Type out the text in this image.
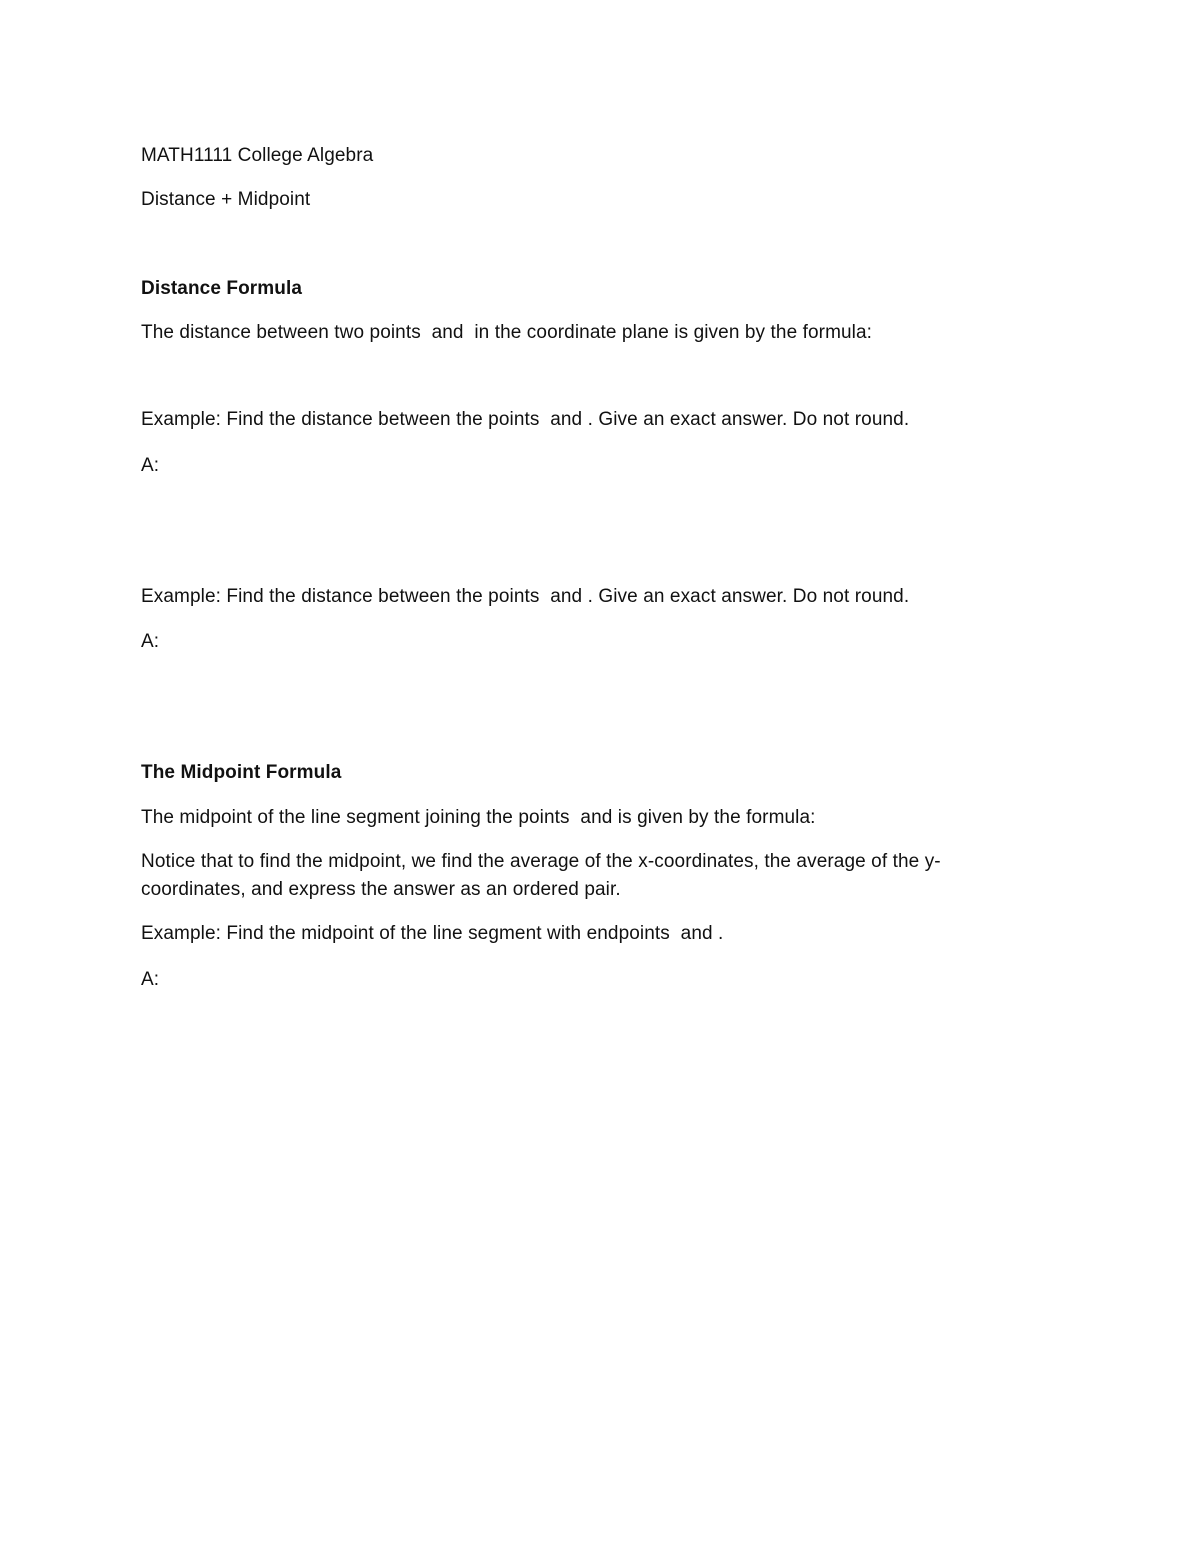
MATH1111 College Algebra
Distance + Midpoint
Distance Formula
The distance between two points  and  in the coordinate plane is given by the formula:
Example: Find the distance between the points  and . Give an exact answer. Do not round.
A:
Example: Find the distance between the points  and . Give an exact answer. Do not round.
A:
The Midpoint Formula
The midpoint of the line segment joining the points  and is given by the formula:
Notice that to find the midpoint, we find the average of the x-coordinates, the average of the y-
coordinates, and express the answer as an ordered pair.
Example: Find the midpoint of the line segment with endpoints  and .
A:
